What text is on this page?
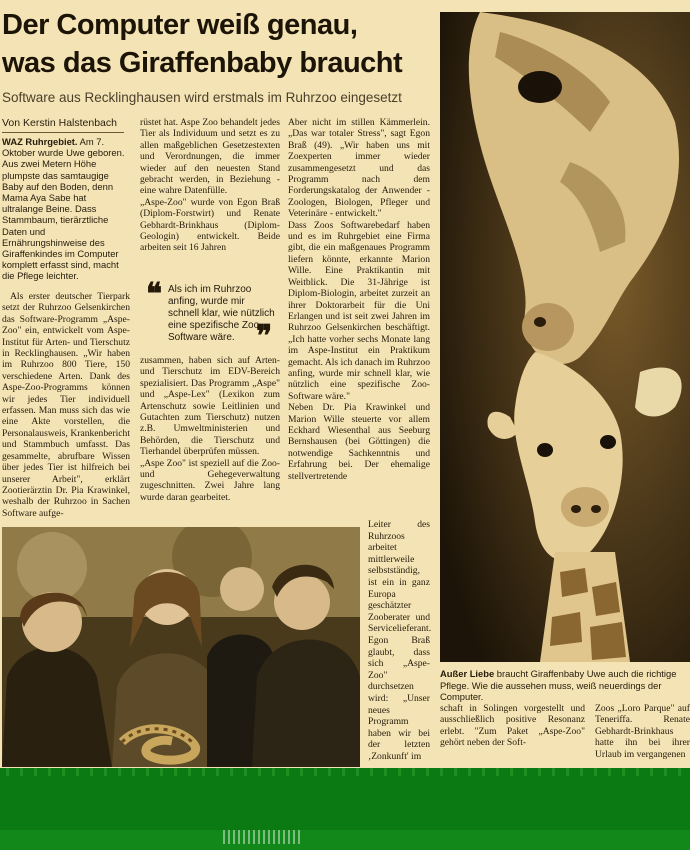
Der Computer weiß genau,
was das Giraffenbaby braucht
Software aus Recklinghausen wird erstmals im Ruhrzoo eingesetzt
Von Kerstin Halstenbach
WAZ Ruhrgebiet. Am 7. Oktober wurde Uwe geboren. Aus zwei Metern Höhe plumpste das samtaugige Baby auf den Boden, denn Mama Aya Sabe hat ultralange Beine. Dass Stammbaum, tierärztliche Daten und Ernährungshinweise des Giraffenkindes im Computer komplett erfasst sind, macht die Pflege leichter.
Als erster deutscher Tierpark setzt der Ruhrzoo Gelsenkirchen das Software-Programm „Aspe-Zoo" ein, entwickelt vom Aspe-Institut für Arten- und Tierschutz in Recklinghausen. „Wir haben im Ruhrzoo 800 Tiere, 150 verschiedene Arten. Dank des Aspe-Zoo-Programms können wir jedes Tier individuell erfassen. Man muss sich das wie eine Akte vorstellen, die Personalausweis, Krankenbericht und Stammbuch umfasst. Das gesammelte, abrufbare Wissen über jedes Tier ist hilfreich bei unserer Arbeit", erklärt Zootierärztin Dr. Pia Krawinkel, weshalb der Ruhrzoo in Sachen Software aufge-
rüstet hat. Aspe Zoo behandelt jedes Tier als Individuum und setzt es zu allen maßgeblichen Gesetzestexten und Verordnungen, die immer wieder auf den neuesten Stand gebracht werden, in Beziehung - eine wahre Datenfülle.
„Aspe-Zoo" wurde von Egon Braß (Diplom-Forstwirt) und Renate Gebhardt-Brinkhaus (Diplom-Geologin) entwickelt. Beide arbeiten seit 16 Jahren
❝ Als ich im Ruhrzoo anfing, wurde mir schnell klar, wie nützlich eine spezifische Zoo-Software wäre. ❞
zusammen, haben sich auf Arten- und Tierschutz im EDV-Bereich spezialisiert. Das Programm „Aspe" und „Aspe-Lex" (Lexikon zum Artenschutz sowie Leitlinien und Gutachten zum Tierschutz) nutzen z.B. Umweltministerien und Behörden, die Tierschutz und Tierhandel überprüfen müssen.
„Aspe Zoo" ist speziell auf die Zoo- und Gehegeverwaltung zugeschnitten. Zwei Jahre lang wurde daran gearbeitet.
Aber nicht im stillen Kämmerlein. „Das war totaler Stress", sagt Egon Braß (49). „Wir haben uns mit Zoexperten immer wieder zusammengesetzt und das Programm nach dem Forderungskatalog der Anwender - Zoologen, Biologen, Pfleger und Veterinäre - entwickelt."
Dass Zoos Softwarebedarf haben und es im Ruhrgebiet eine Firma gibt, die ein maßgenaues Programm liefern könnte, erkannte Marion Wille. Eine Praktikantin mit Weitblick. Die 31-Jährige ist Diplom-Biologin, arbeitet zurzeit an ihrer Doktorarbeit für die Uni Erlangen und ist seit zwei Jahren im Ruhrzoo Gelsenkirchen beschäftigt. „Ich hatte vorher sechs Monate lang im Aspe-Institut ein Praktikum gemacht. Als ich danach im Ruhrzoo anfing, wurde mir schnell klar, wie nützlich eine spezifische Zoo-Software wäre."
Neben Dr. Pia Krawinkel und Marion Wille steuerte vor allem Eckhard Wiesenthal aus Seeburg Bernshausen (bei Göttingen) die notwendige Sachkenntnis und Erfahrung bei. Der ehemalige stellvertretende
Leiter des Ruhrzoos arbeitet mittlerweile selbstständig, ist ein in ganz Europa geschätzter Zooberater und Servicelieferant.
Egon Braß glaubt, dass sich „Aspe-Zoo" durchsetzen wird: „Unser neues Programm haben wir bei der letzten ‚Zonkunft' im
Außer Liebe braucht Giraffenbaby Uwe auch die richtige Pflege. Wie die aussehen muss, weiß neuerdings der Computer.
schaft in Solingen vorgestellt und ausschließlich positive Resonanz erlebt. "Zum Paket „Aspe-Zoo" gehört neben der Soft-
Zoos „Loro Parque" auf Teneriffa. Renate Gebhardt-Brinkhaus hatte ihn bei ihrer Urlaub im vergangenen
